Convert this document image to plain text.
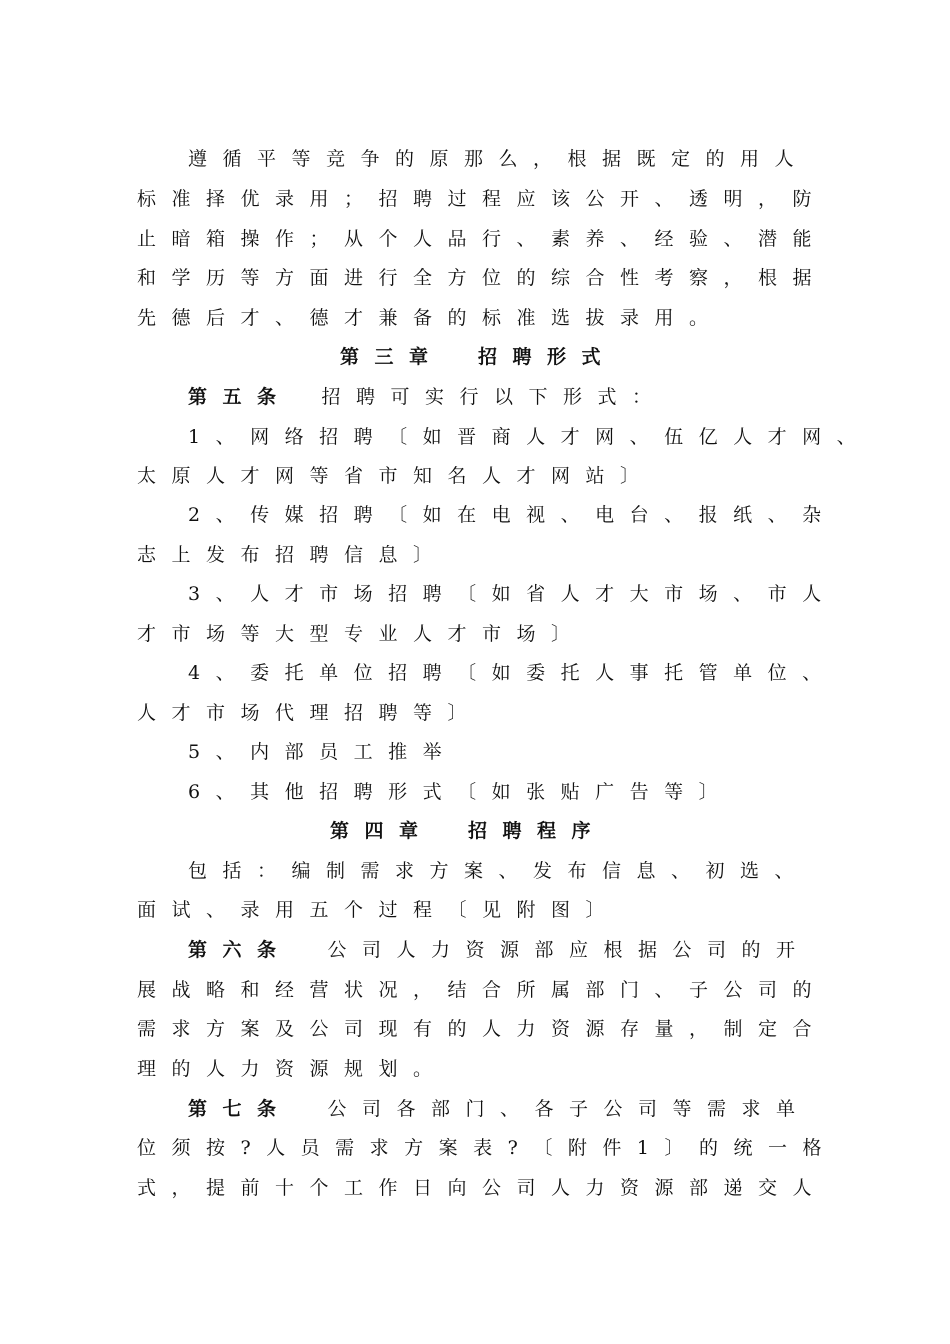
遵循平等竞争的原那么，根据既定的用人
标准择优录用；招聘过程应该公开、透明，防
止暗箱操作；从个人品行、素养、经验、潜能
和学历等方面进行全方位的综合性考察，根据
先德后才、德才兼备的标准选拔录用。
第三章　招聘形式
第五条 招聘可实行以下形式：
1、网络招聘〔如晋商人才网、伍亿人才网、
太原人才网等省市知名人才网站〕
2、传媒招聘〔如在电视、电台、报纸、杂
志上发布招聘信息〕
3、人才市场招聘〔如省人才大市场、市人
才市场等大型专业人才市场〕
4、委托单位招聘〔如委托人事托管单位、
人才市场代理招聘等〕
5、内部员工推举
6、其他招聘形式〔如张贴广告等〕
第四章　招聘程序
包括：编制需求方案、发布信息、初选、
面试、录用五个过程〔见附图〕
第六条 公司人力资源部应根据公司的开
展战略和经营状况，结合所属部门、子公司的
需求方案及公司现有的人力资源存量，制定合
理的人力资源规划。
第七条 公司各部门、各子公司等需求单
位须按?人员需求方案表?〔附件1〕的统一格
式，提前十个工作日向公司人力资源部递交人
